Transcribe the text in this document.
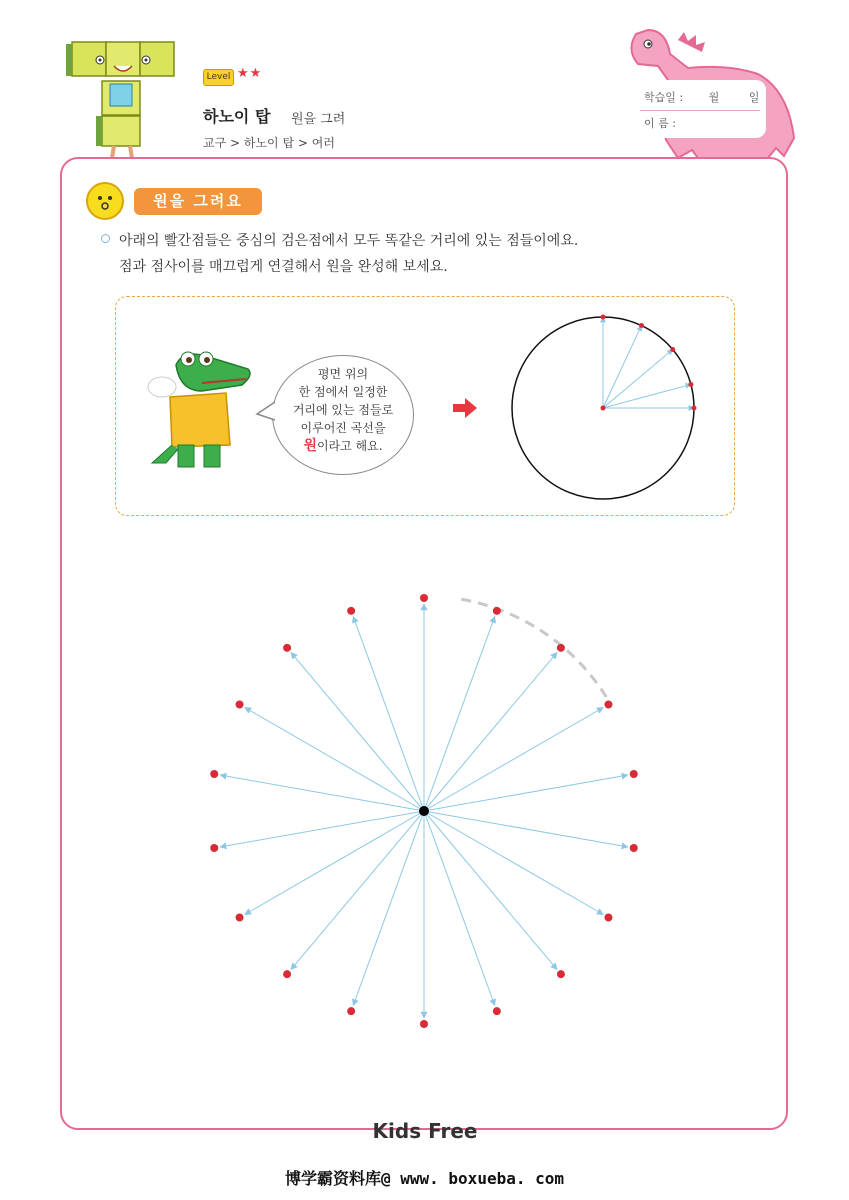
Level ★★
하노이 탑 원을 그려
교구 > 하노이 탑 > 여러
학습일 : 월	일
이 름 :
원을 그려요
아래의 빨간점들은 중심의 검은점에서 모두 똑같은 거리에 있는 점들이에요.
점과 점사이를 매끄럽게 연결해서 원을 완성해 보세요.
평면 위의
한 점에서 일정한
거리에 있는 점들로
이루어진 곡선을
원이라고 해요.
Kids Free
博学霸资料库@ www. boxueba. com
